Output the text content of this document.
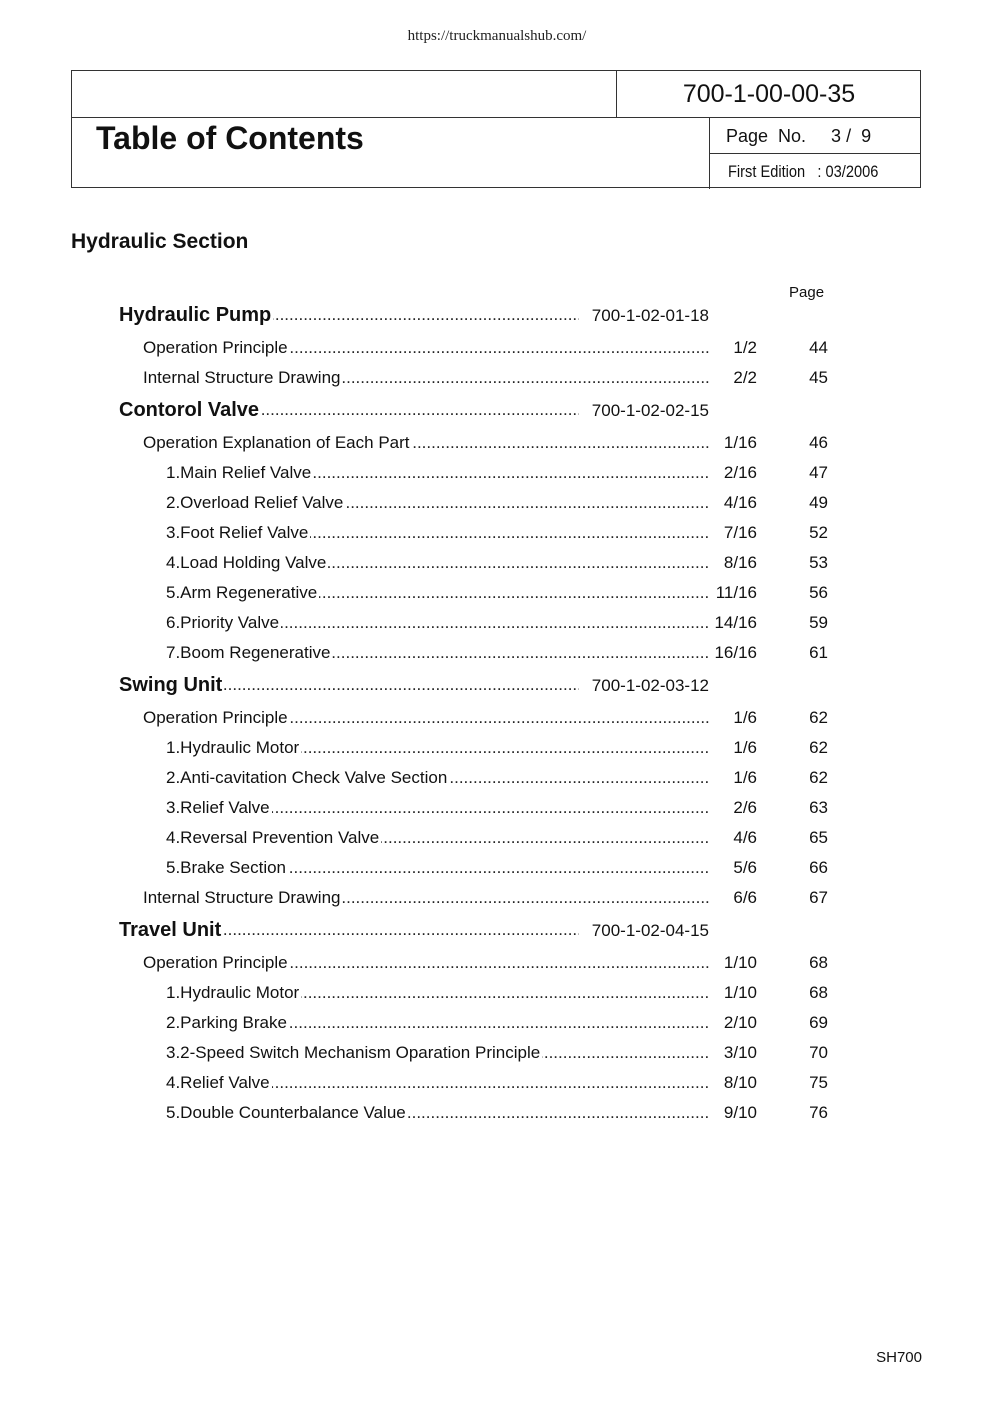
https://truckmanualshub.com/
700-1-00-00-35
Table of Contents	Page  No.     3 /  9
First Edition   : 03/2006
Hydraulic Section
Page
.....
Hydraulic Pump	700-1-02-01-18
.....
Operation Principle	1/2	44
.....
Internal Structure Drawing	2/2	45
.....
Contorol Valve	700-1-02-02-15
.....
Operation Explanation of Each Part	1/16	46
.....
1.Main Relief Valve	2/16	47
.....
2.Overload Relief Valve	4/16	49
.....
3.Foot Relief Valve	7/16	52
.....
4.Load Holding Valve	8/16	53
.....
5.Arm Regenerative	11/16	56
.....
6.Priority Valve	14/16	59
.....
7.Boom Regenerative	16/16	61
.....
Swing Unit	700-1-02-03-12
.....
Operation Principle	1/6	62
.....
1.Hydraulic Motor	1/6	62
.....
2.Anti-cavitation Check Valve Section	1/6	62
.....
3.Relief Valve	2/6	63
.....
4.Reversal Prevention Valve	4/6	65
.....
5.Brake Section	5/6	66
.....
Internal Structure Drawing	6/6	67
.....
Travel Unit	700-1-02-04-15
.....
Operation Principle	1/10	68
.....
1.Hydraulic Motor	1/10	68
.....
2.Parking Brake	2/10	69
.....
3.2-Speed Switch Mechanism Oparation Principle	3/10	70
.....
4.Relief Valve	8/10	75
.....
5.Double Counterbalance Value	9/10	76
SH700
